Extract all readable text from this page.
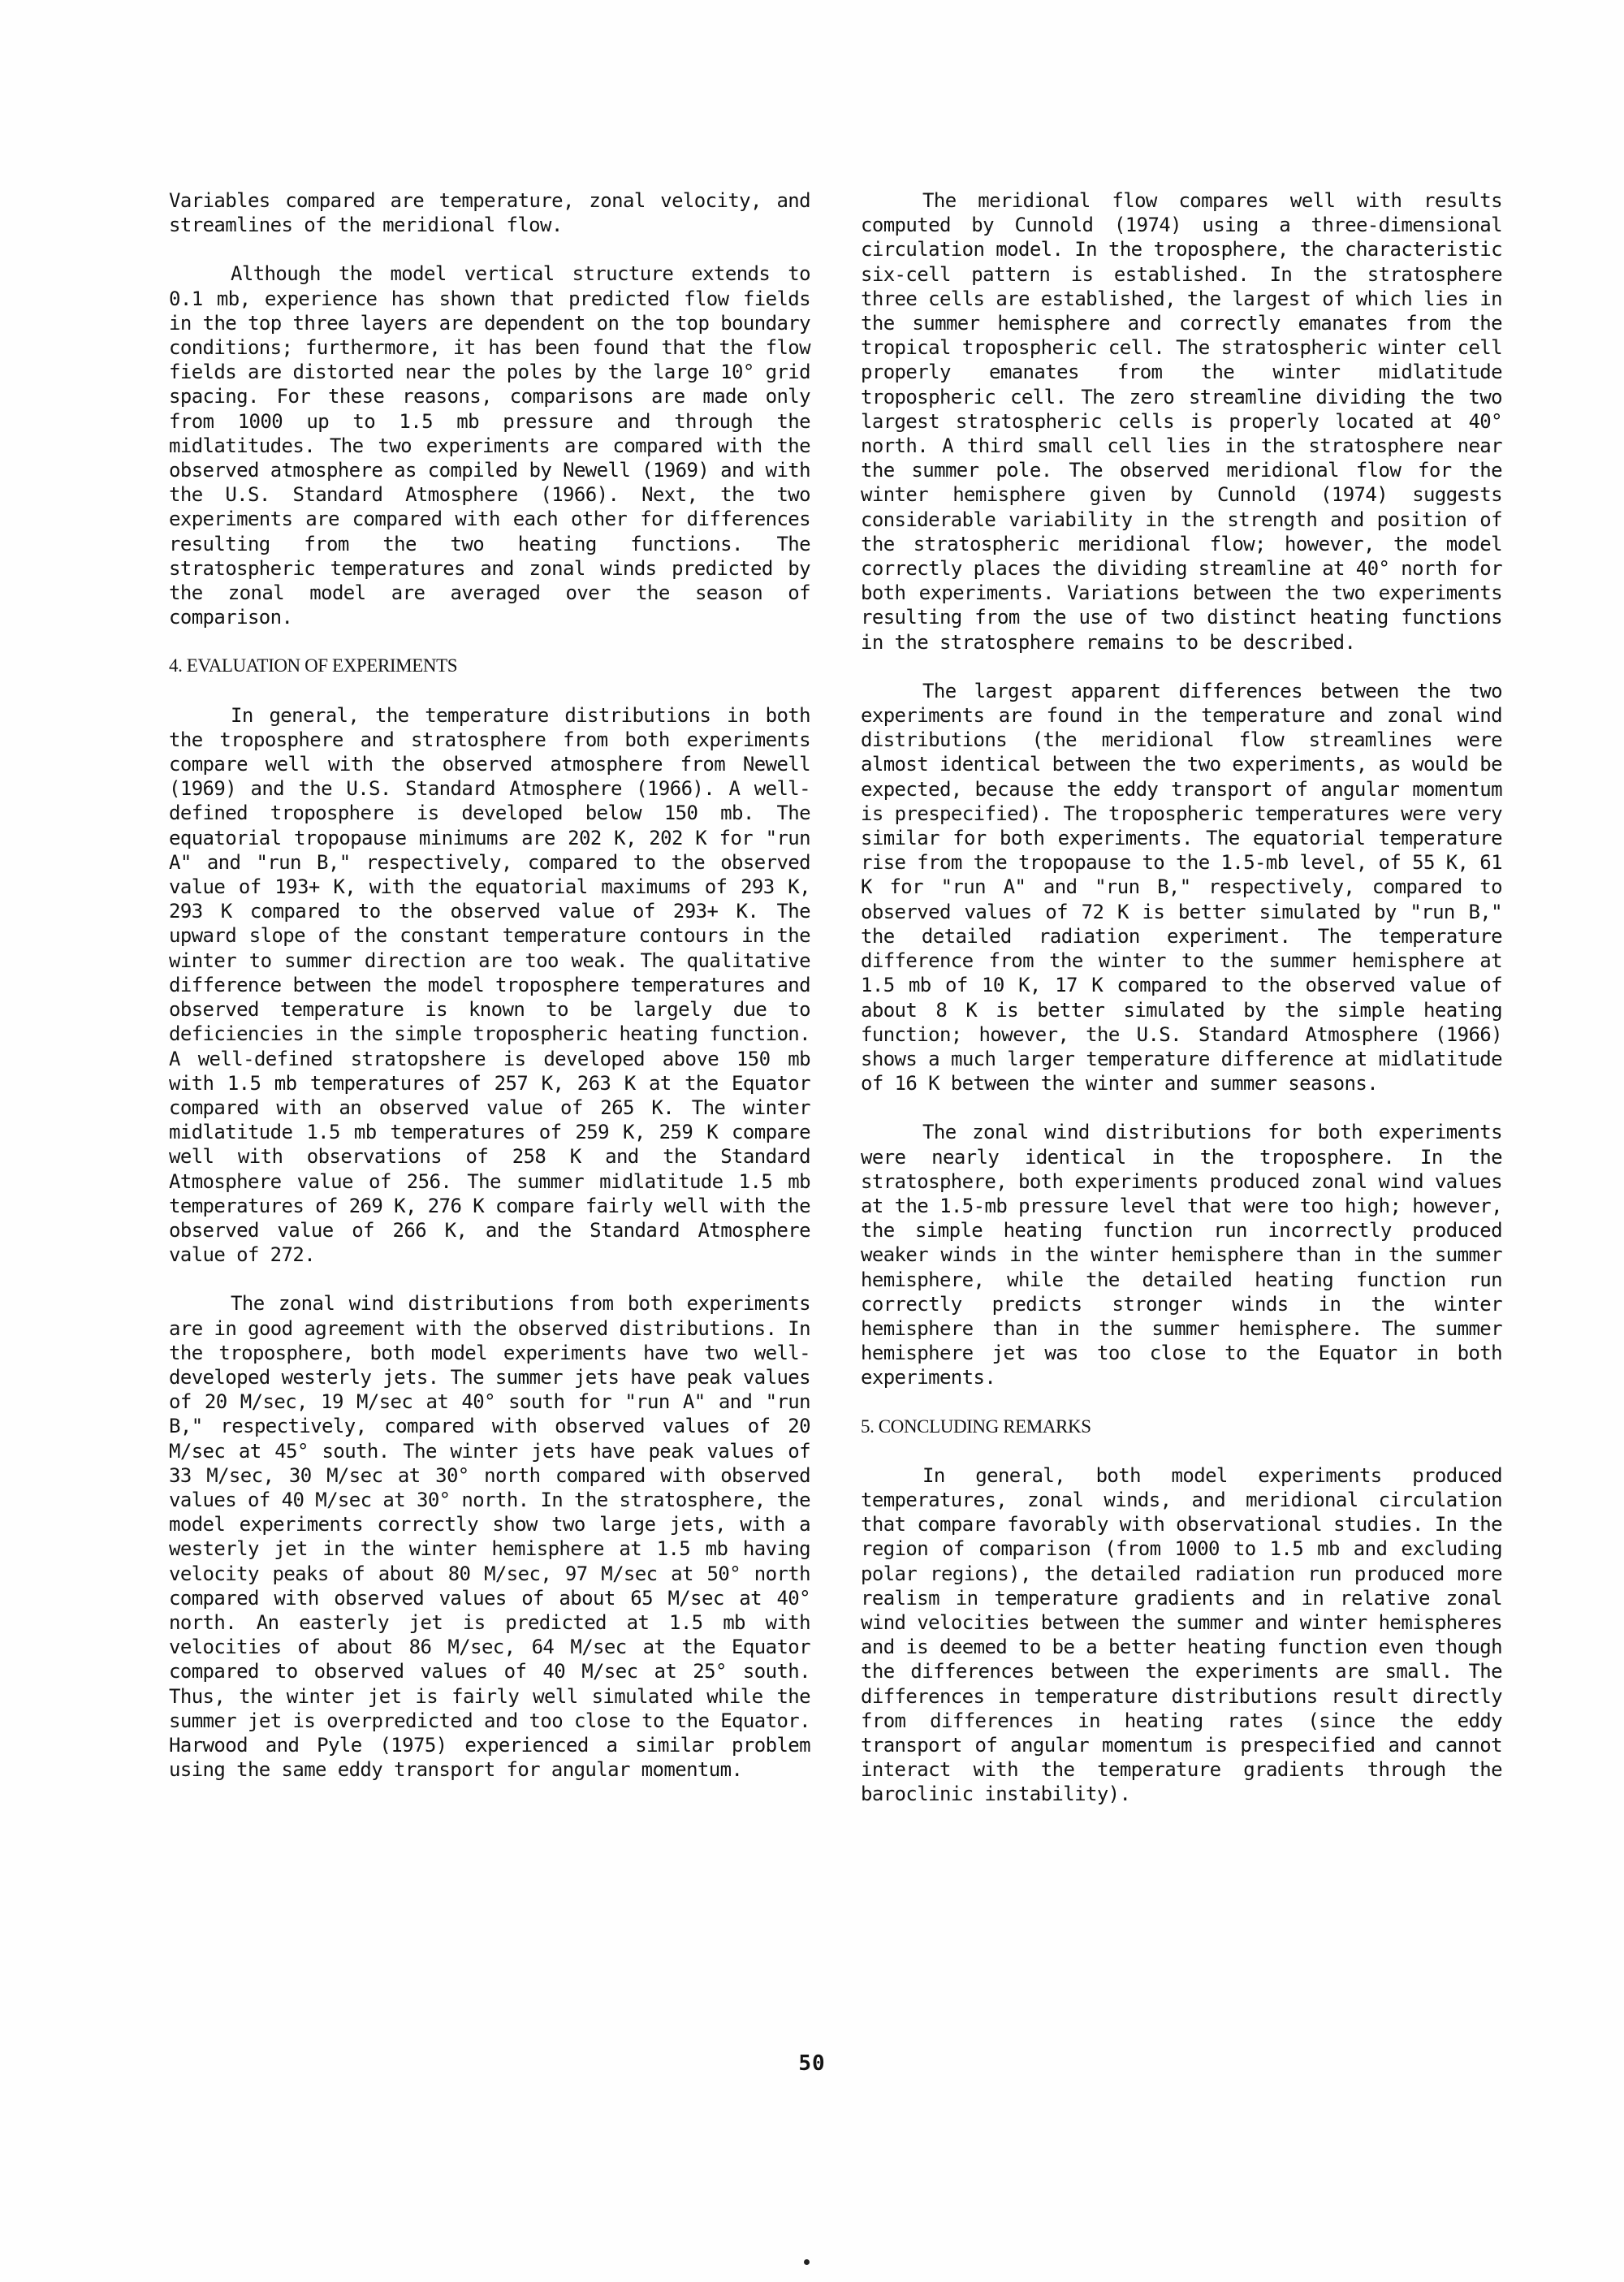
Variables compared are temperature, zonal velocity, and streamlines of the meridional flow.

Although the model vertical structure extends to 0.1 mb, experience has shown that predicted flow fields in the top three layers are dependent on the top boundary conditions; furthermore, it has been found that the flow fields are distorted near the poles by the large 10° grid spacing. For these reasons, comparisons are made only from 1000 up to 1.5 mb pressure and through the midlatitudes. The two experiments are compared with the observed atmosphere as compiled by Newell (1969) and with the U.S. Standard Atmosphere (1966). Next, the two experiments are compared with each other for differences resulting from the two heating functions. The stratospheric temperatures and zonal winds predicted by the zonal model are averaged over the season of comparison.

4. EVALUATION OF EXPERIMENTS

In general, the temperature distributions in both the troposphere and stratosphere from both experiments compare well with the observed atmosphere from Newell (1969) and the U.S. Standard Atmosphere (1966). A well-defined troposphere is developed below 150 mb. The equatorial tropopause minimums are 202 K, 202 K for "run A" and "run B," respectively, compared to the observed value of 193+ K, with the equatorial maximums of 293 K, 293 K compared to the observed value of 293+ K. The upward slope of the constant temperature contours in the winter to summer direction are too weak. The qualitative difference between the model troposphere temperatures and observed temperature is known to be largely due to deficiencies in the simple tropospheric heating function. A well-defined stratopshere is developed above 150 mb with 1.5 mb temperatures of 257 K, 263 K at the Equator compared with an observed value of 265 K. The winter midlatitude 1.5 mb temperatures of 259 K, 259 K compare well with observations of 258 K and the Standard Atmosphere value of 256. The summer midlatitude 1.5 mb temperatures of 269 K, 276 K compare fairly well with the observed value of 266 K, and the Standard Atmosphere value of 272.

The zonal wind distributions from both experiments are in good agreement with the observed distributions. In the troposphere, both model experiments have two well-developed westerly jets. The summer jets have peak values of 20 M/sec, 19 M/sec at 40° south for "run A" and "run B," respectively, compared with observed values of 20 M/sec at 45° south. The winter jets have peak values of 33 M/sec, 30 M/sec at 30° north compared with observed values of 40 M/sec at 30° north. In the stratosphere, the model experiments correctly show two large jets, with a westerly jet in the winter hemisphere at 1.5 mb having velocity peaks of about 80 M/sec, 97 M/sec at 50° north compared with observed values of about 65 M/sec at 40° north. An easterly jet is predicted at 1.5 mb with velocities of about 86 M/sec, 64 M/sec at the Equator compared to observed values of 40 M/sec at 25° south. Thus, the winter jet is fairly well simulated while the summer jet is overpredicted and too close to the Equator. Harwood and Pyle (1975) experienced a similar problem using the same eddy transport for angular momentum.

The meridional flow compares well with results computed by Cunnold (1974) using a three-dimensional circulation model. In the troposphere, the characteristic six-cell pattern is established. In the stratosphere three cells are established, the largest of which lies in the summer hemisphere and correctly emanates from the tropical tropospheric cell. The stratospheric winter cell properly emanates from the winter midlatitude tropospheric cell. The zero streamline dividing the two largest stratospheric cells is properly located at 40° north. A third small cell lies in the stratosphere near the summer pole. The observed meridional flow for the winter hemisphere given by Cunnold (1974) suggests considerable variability in the strength and position of the stratospheric meridional flow; however, the model correctly places the dividing streamline at 40° north for both experiments. Variations between the two experiments resulting from the use of two distinct heating functions in the stratosphere remains to be described.

The largest apparent differences between the two experiments are found in the temperature and zonal wind distributions (the meridional flow streamlines were almost identical between the two experiments, as would be expected, because the eddy transport of angular momentum is prespecified). The tropospheric temperatures were very similar for both experiments. The equatorial temperature rise from the tropopause to the 1.5-mb level, of 55 K, 61 K for "run A" and "run B," respectively, compared to observed values of 72 K is better simulated by "run B," the detailed radiation experiment. The temperature difference from the winter to the summer hemisphere at 1.5 mb of 10 K, 17 K compared to the observed value of about 8 K is better simulated by the simple heating function; however, the U.S. Standard Atmosphere (1966) shows a much larger temperature difference at midlatitude of 16 K between the winter and summer seasons.

The zonal wind distributions for both experiments were nearly identical in the troposphere. In the stratosphere, both experiments produced zonal wind values at the 1.5-mb pressure level that were too high; however, the simple heating function run incorrectly produced weaker winds in the winter hemisphere than in the summer hemisphere, while the detailed heating function run correctly predicts stronger winds in the winter hemisphere than in the summer hemisphere. The summer hemisphere jet was too close to the Equator in both experiments.

5. CONCLUDING REMARKS

In general, both model experiments produced temperatures, zonal winds, and meridional circulation that compare favorably with observational studies. In the region of comparison (from 1000 to 1.5 mb and excluding polar regions), the detailed radiation run produced more realism in temperature gradients and in relative zonal wind velocities between the summer and winter hemispheres and is deemed to be a better heating function even though the differences between the experiments are small. The differences in temperature distributions result directly from differences in heating rates (since the eddy transport of angular momentum is prespecified and cannot interact with the temperature gradients through the baroclinic instability).

50
